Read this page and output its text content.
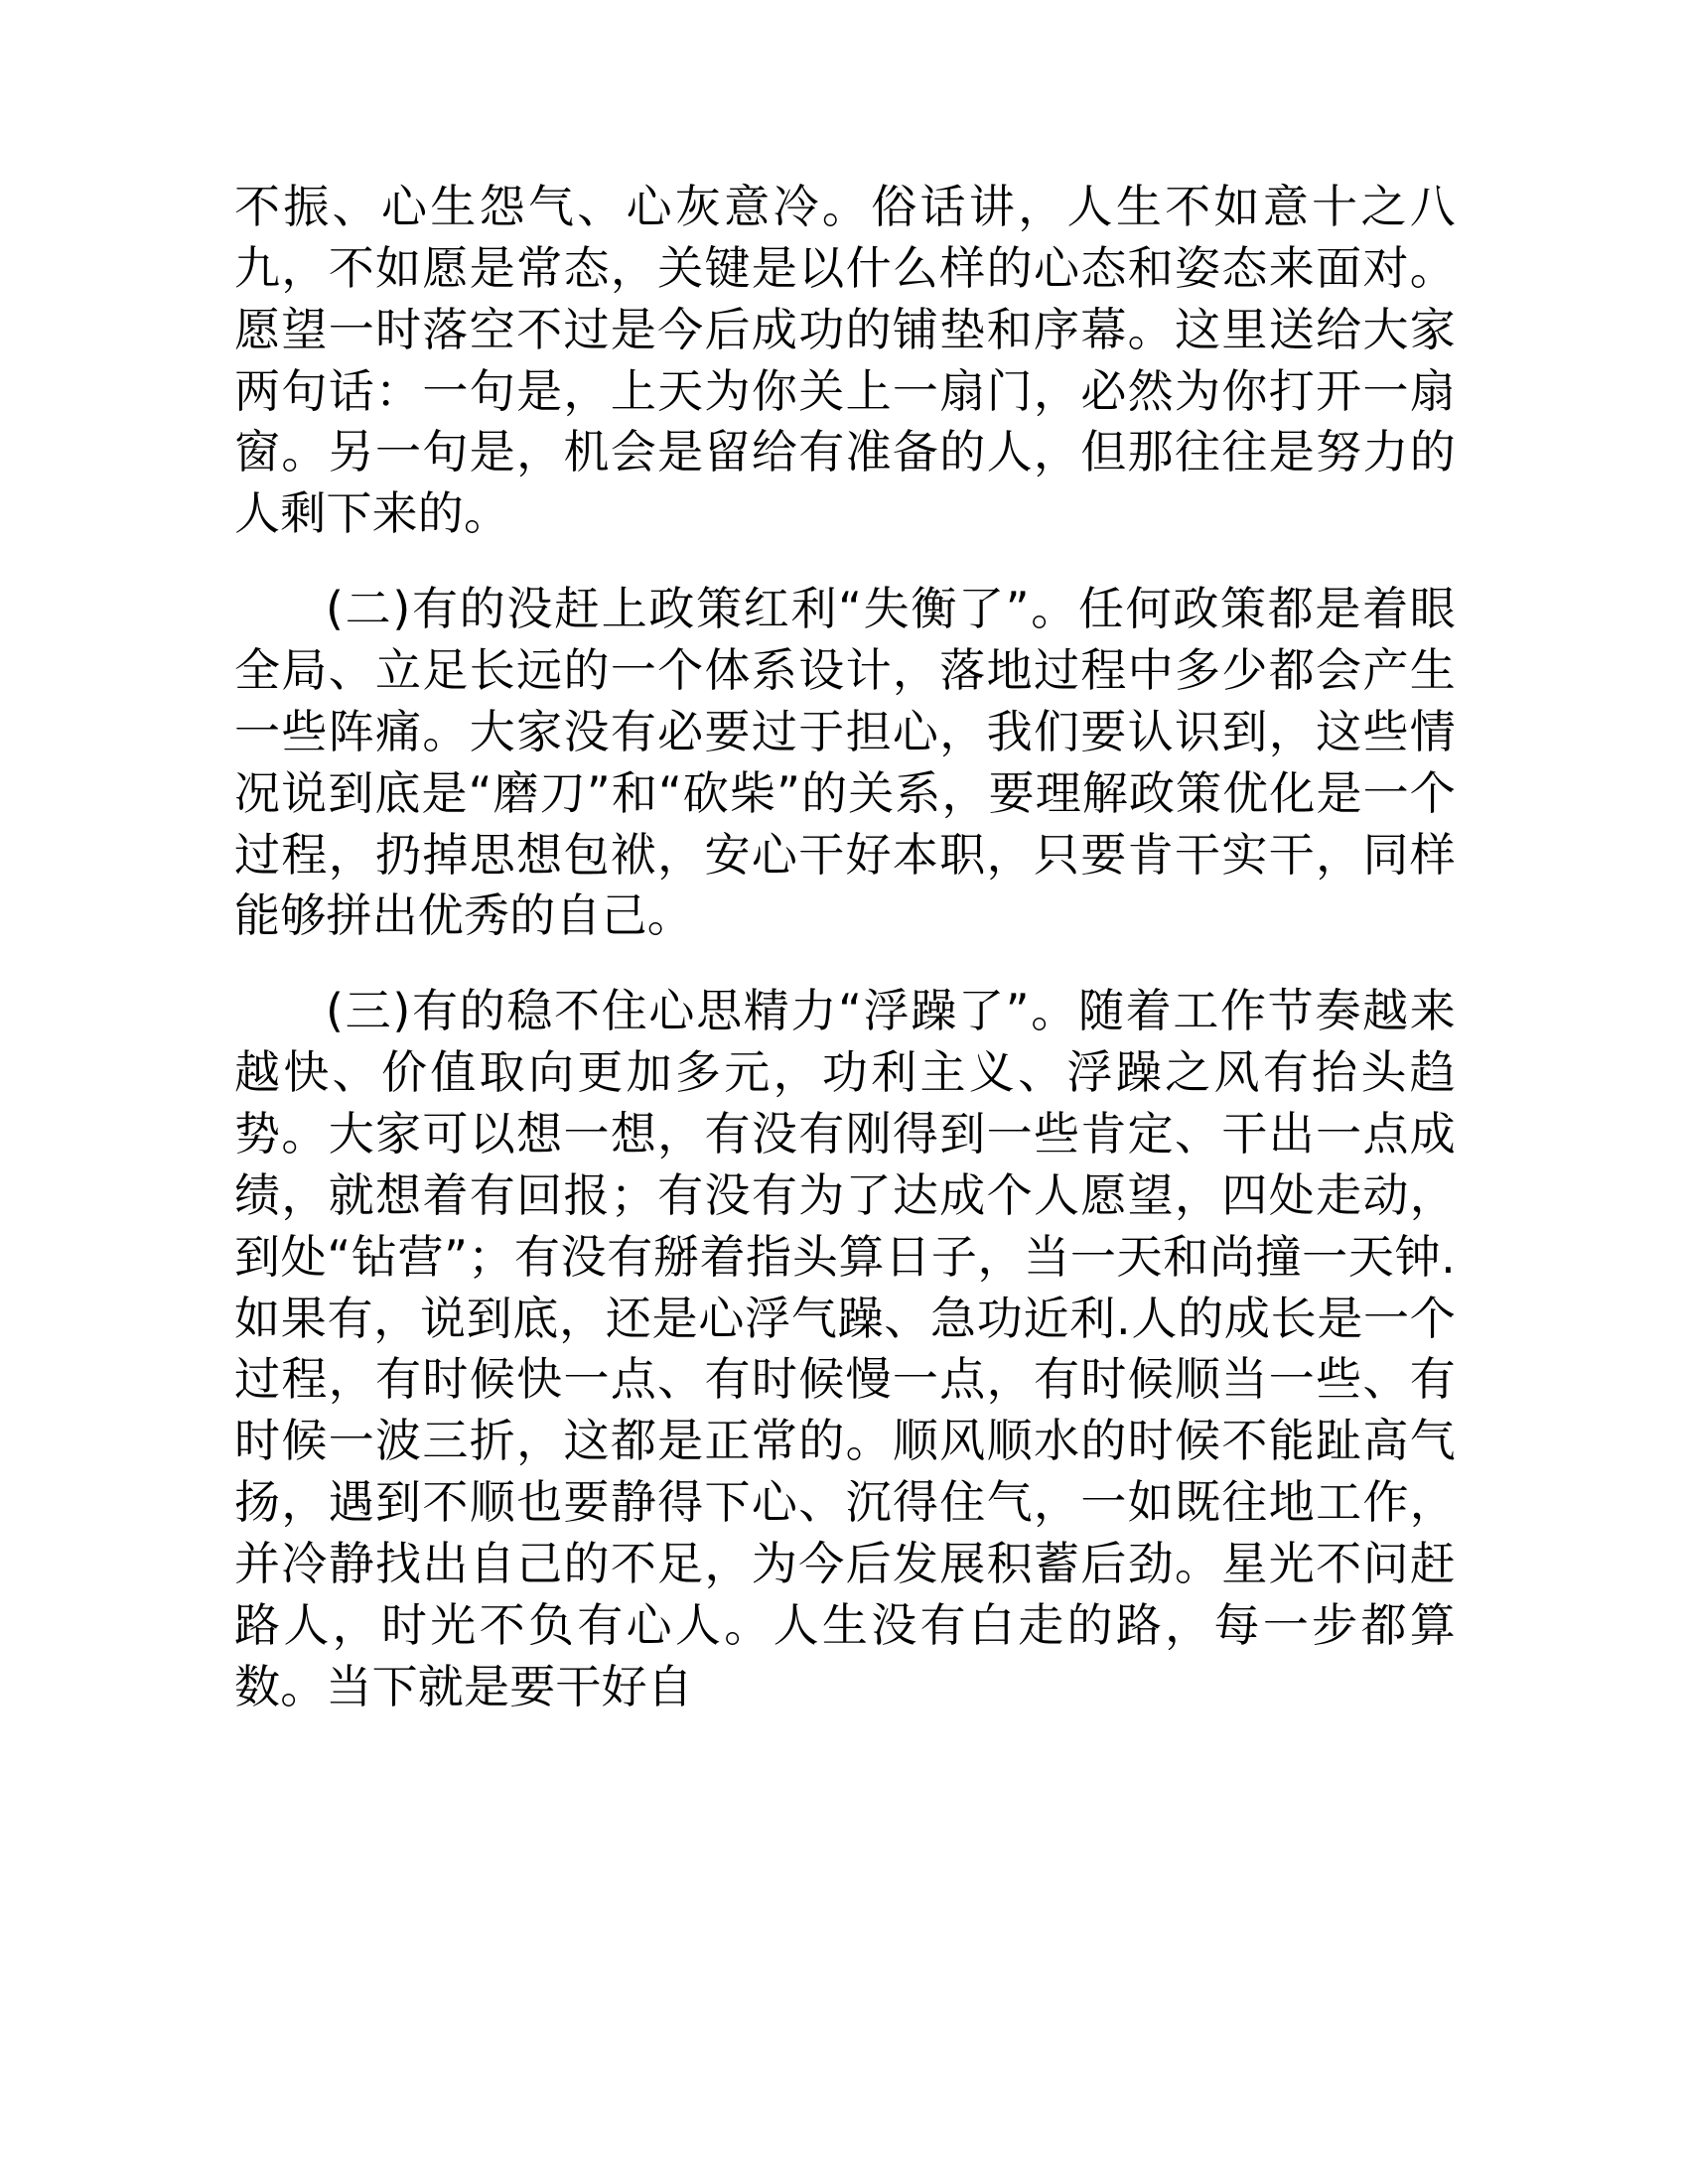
不振、心生怨气、心灰意冷。俗话讲，人生不如意十之八九，不如愿是常态，关键是以什么样的心态和姿态来面对。愿望一时落空不过是今后成功的铺垫和序幕。这里送给大家两句话：一句是，上天为你关上一扇门，必然为你打开一扇窗。另一句是，机会是留给有准备的人，但那往往是努力的人剩下来的。

(二)有的没赶上政策红利“失衡了”。任何政策都是着眼全局、立足长远的一个体系设计，落地过程中多少都会产生一些阵痛。大家没有必要过于担心，我们要认识到，这些情况说到底是“磨刀”和“砍柴”的关系，要理解政策优化是一个过程，扔掉思想包袱，安心干好本职，只要肯干实干，同样能够拼出优秀的自己。

(三)有的稳不住心思精力“浮躁了”。随着工作节奏越来越快、价值取向更加多元，功利主义、浮躁之风有抬头趋势。大家可以想一想，有没有刚得到一些肯定、干出一点成绩，就想着有回报；有没有为了达成个人愿望，四处走动，到处“钻营”；有没有掰着指头算日子，当一天和尚撞一天钟.如果有，说到底，还是心浮气躁、急功近利.人的成长是一个过程，有时候快一点、有时候慢一点，有时候顺当一些、有时候一波三折，这都是正常的。顺风顺水的时候不能趾高气扬，遇到不顺也要静得下心、沉得住气，一如既往地工作，并冷静找出自己的不足，为今后发展积蓄后劲。星光不问赶路人，时光不负有心人。人生没有白走的路，每一步都算数。当下就是要干好自
